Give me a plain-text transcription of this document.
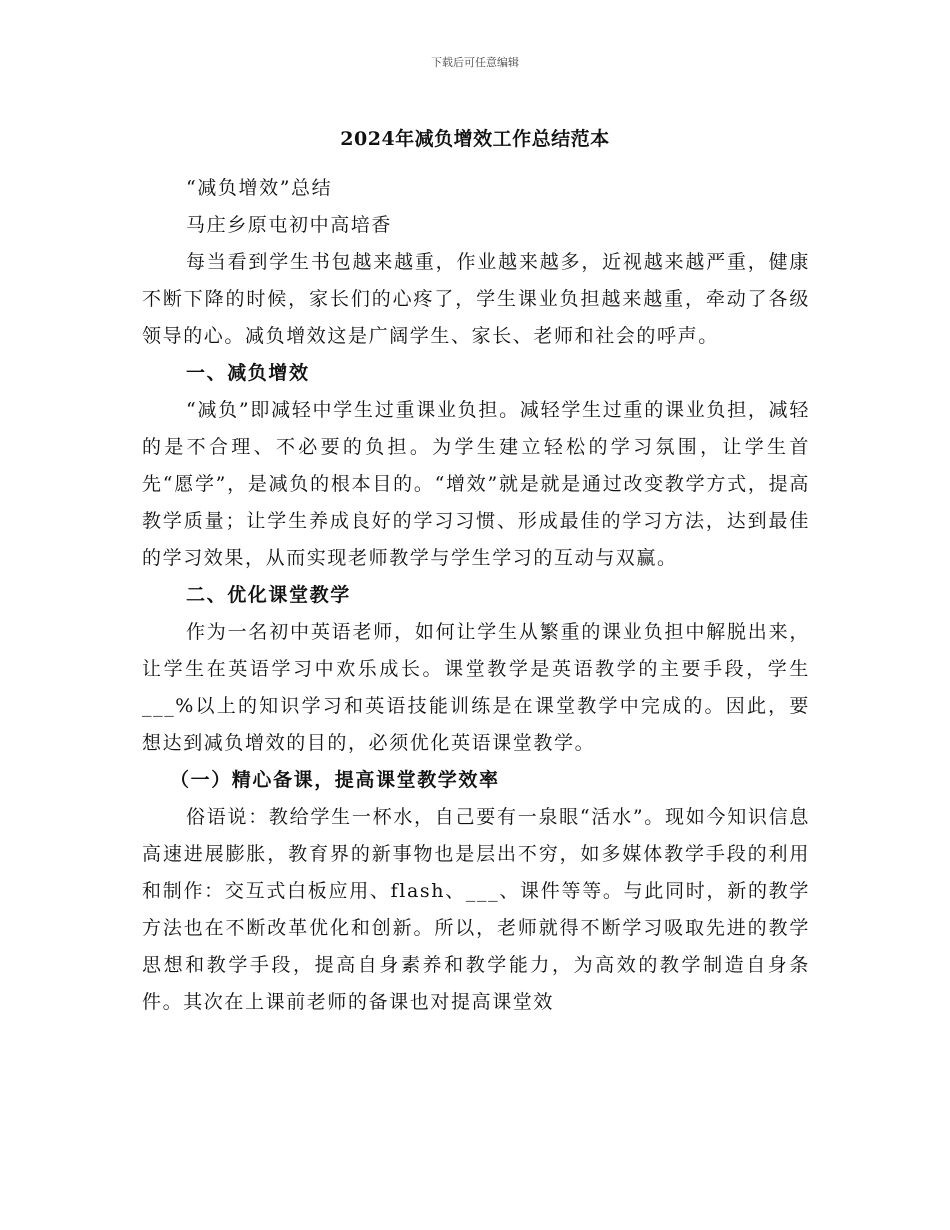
下载后可任意编辑
2024年减负增效工作总结范本

“减负增效”总结

马庄乡原屯初中高培香

每当看到学生书包越来越重，作业越来越多，近视越来越严重，健康不断下降的时候，家长们的心疼了，学生课业负担越来越重，牵动了各级领导的心。减负增效这是广阔学生、家长、老师和社会的呼声。

一、减负增效

“减负”即减轻中学生过重课业负担。减轻学生过重的课业负担，减轻的是不合理、不必要的负担。为学生建立轻松的学习氛围，让学生首先“愿学”，是减负的根本目的。“增效”就是就是通过改变教学方式，提高教学质量；让学生养成良好的学习习惯、形成最佳的学习方法，达到最佳的学习效果，从而实现老师教学与学生学习的互动与双赢。

二、优化课堂教学

作为一名初中英语老师，如何让学生从繁重的课业负担中解脱出来，让学生在英语学习中欢乐成长。课堂教学是英语教学的主要手段，学生___%以上的知识学习和英语技能训练是在课堂教学中完成的。因此，要想达到减负增效的目的，必须优化英语课堂教学。

（一）精心备课，提高课堂教学效率

俗语说：教给学生一杯水，自己要有一泉眼“活水”。现如今知识信息高速进展膨胀，教育界的新事物也是层出不穷，如多媒体教学手段的利用和制作：交互式白板应用、flash、___、课件等等。与此同时，新的教学方法也在不断改革优化和创新。所以，老师就得不断学习吸取先进的教学思想和教学手段，提高自身素养和教学能力，为高效的教学制造自身条件。其次在上课前老师的备课也对提高课堂效
